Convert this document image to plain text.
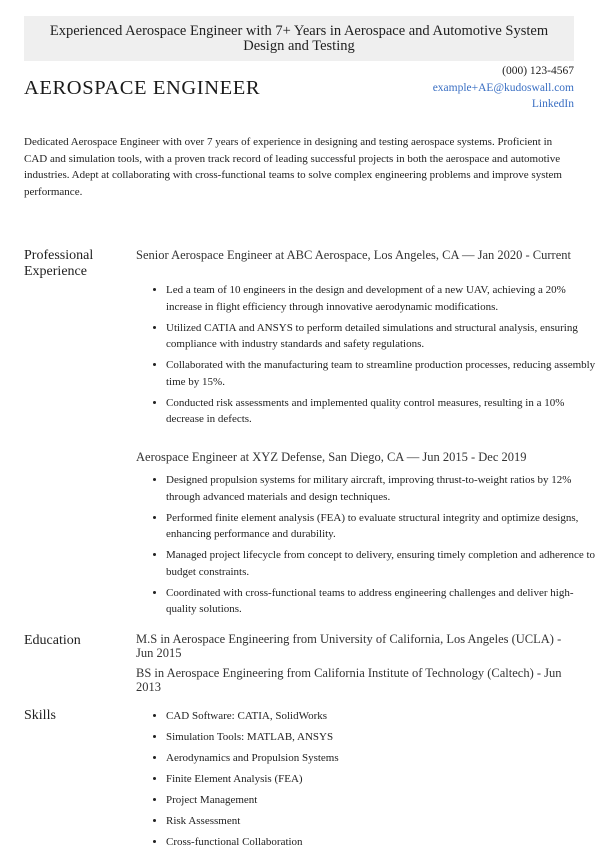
Experienced Aerospace Engineer with 7+ Years in Aerospace and Automotive System Design and Testing
AEROSPACE ENGINEER
(000) 123-4567
example+AE@kudoswall.com
LinkedIn
Dedicated Aerospace Engineer with over 7 years of experience in designing and testing aerospace systems. Proficient in CAD and simulation tools, with a proven track record of leading successful projects in both the aerospace and automotive industries. Adept at collaborating with cross-functional teams to solve complex engineering problems and improve system performance.
Professional Experience
Senior Aerospace Engineer at ABC Aerospace, Los Angeles, CA — Jan 2020 - Current
• Led a team of 10 engineers in the design and development of a new UAV, achieving a 20% increase in flight efficiency through innovative aerodynamic modifications.
• Utilized CATIA and ANSYS to perform detailed simulations and structural analysis, ensuring compliance with industry standards and safety regulations.
• Collaborated with the manufacturing team to streamline production processes, reducing assembly time by 15%.
• Conducted risk assessments and implemented quality control measures, resulting in a 10% decrease in defects.
Aerospace Engineer at XYZ Defense, San Diego, CA — Jun 2015 - Dec 2019
• Designed propulsion systems for military aircraft, improving thrust-to-weight ratios by 12% through advanced materials and design techniques.
• Performed finite element analysis (FEA) to evaluate structural integrity and optimize designs, enhancing performance and durability.
• Managed project lifecycle from concept to delivery, ensuring timely completion and adherence to budget constraints.
• Coordinated with cross-functional teams to address engineering challenges and deliver high-quality solutions.
Education	M.S in Aerospace Engineering from University of California, Los Angeles (UCLA) - Jun 2015
BS in Aerospace Engineering from California Institute of Technology (Caltech) - Jun 2013
Skills
•	CAD Software: CATIA, SolidWorks
• Simulation Tools: MATLAB, ANSYS
• Aerodynamics and Propulsion Systems
• Finite Element Analysis (FEA)
• Project Management
• Risk Assessment
• Cross-functional Collaboration
